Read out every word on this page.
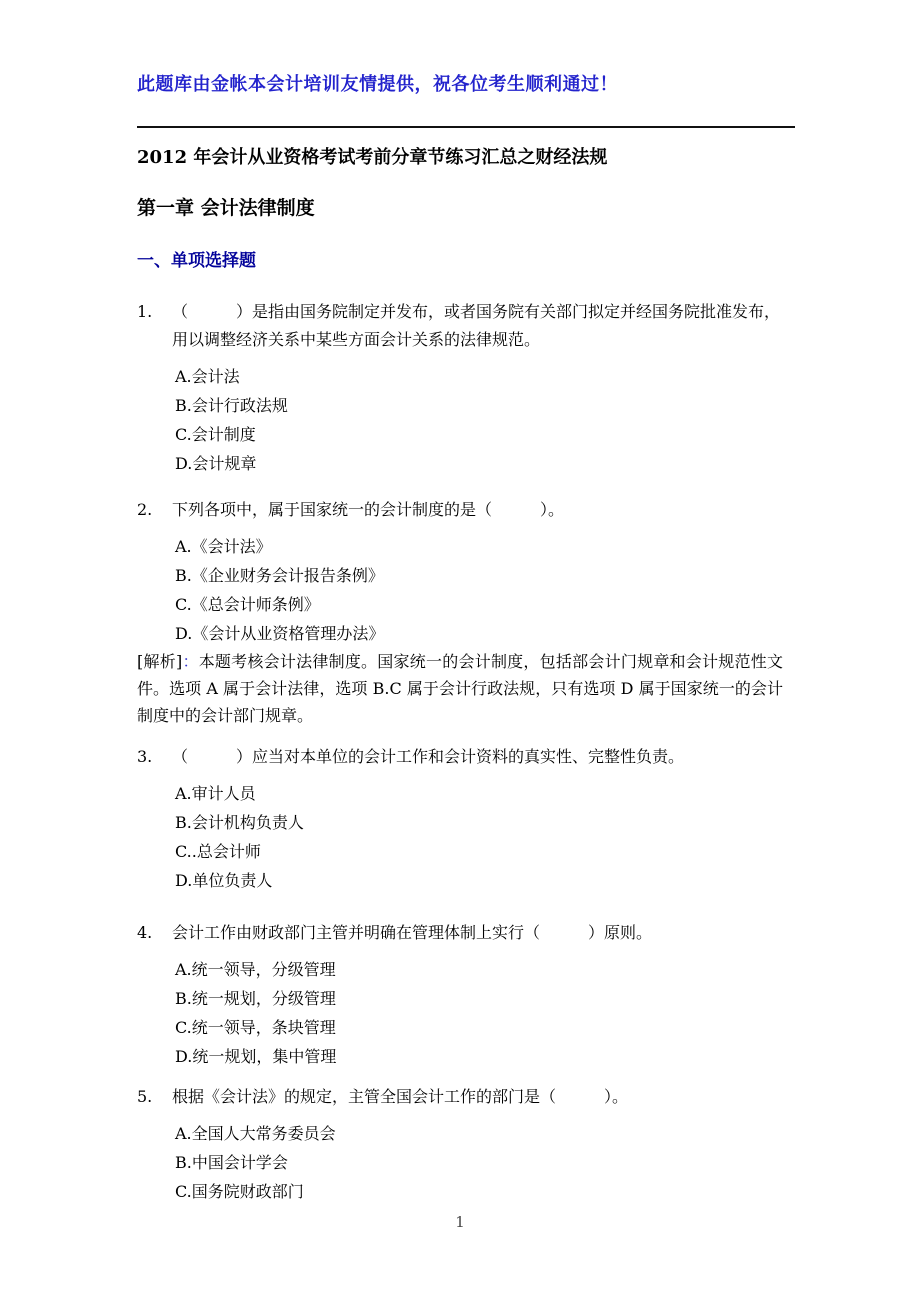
此题库由金帐本会计培训友情提供，祝各位考生顺利通过！

2012 年会计从业资格考试考前分章节练习汇总之财经法规
第一章 会计法律制度
一、单项选择题
1.	（　　　）是指由国务院制定并发布，或者国务院有关部门拟定并经国务院批准发布，用以调整经济关系中某些方面会计关系的法律规范。

A.会计法

B.会计行政法规

C.会计制度

D.会计规章

2.	下列各项中，属于国家统一的会计制度的是（　　　）。

A.《会计法》

B.《企业财务会计报告条例》

C.《总会计师条例》

D.《会计从业资格管理办法》

[解析]：本题考核会计法律制度。国家统一的会计制度，包括部会计门规章和会计规范性文件。选项 A 属于会计法律，选项 B.C 属于会计行政法规，只有选项 D 属于国家统一的会计制度中的会计部门规章。

3.	（　　　）应当对本单位的会计工作和会计资料的真实性、完整性负责。

A.审计人员

B.会计机构负责人

C..总会计师

D.单位负责人

4.	会计工作由财政部门主管并明确在管理体制上实行（　　　）原则。

A.统一领导，分级管理

B.统一规划，分级管理

C.统一领导，条块管理

D.统一规划，集中管理

5.	根据《会计法》的规定，主管全国会计工作的部门是（　　　）。

A.全国人大常务委员会

B.中国会计学会

C.国务院财政部门

1
